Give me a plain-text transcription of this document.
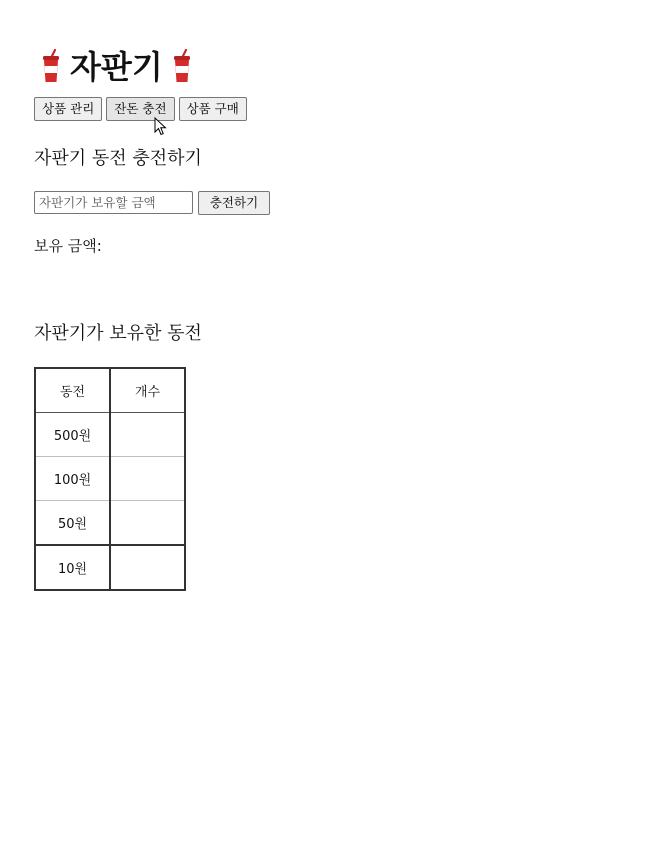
자판기
상품 관리	잔돈 충전	상품 구매
자판기 동전 충전하기
자판기가 보유할 금액
충전하기
보유 금액:
자판기가 보유한 동전
동전	개수
500원	
100원	
50원	
10원	
